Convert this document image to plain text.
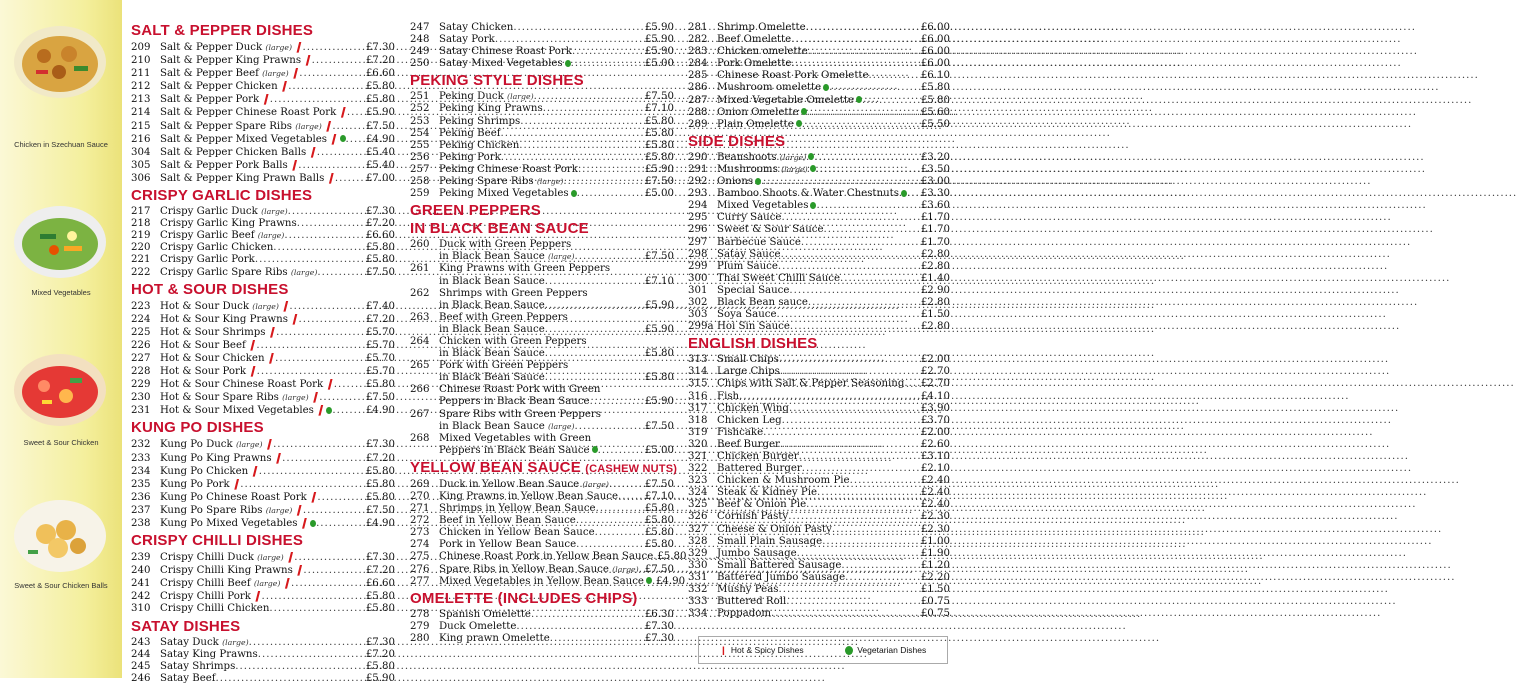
Chicken in Szechuan Sauce
Mixed Vegetables
Sweet & Sour Chicken
Sweet & Sour Chicken Balls
SALT & PEPPER DISHES
209 Salt & Pepper Duck (large) ❙ .....	£7.30
210 Salt & Pepper King Prawns ❙ .....	£7.20
211 Salt & Pepper Beef (large) ❙ .....	£6.60
212 Salt & Pepper Chicken ❙ .....	£5.80
213 Salt & Pepper Pork ❙ .....	£5.80
214 Salt & Pepper Chinese Roast Pork ❙ ..... £5.90
215 Salt & Pepper Spare Ribs (large) ❙ .....	£7.50
216 Salt & Pepper Mixed Vegetables ❙ .....	£4.90
304 Salt & Pepper Chicken Balls ❙ .....	£5.40
305 Salt & Pepper Pork Balls ❙ .....	£5.40
306 Salt & Pepper King Prawn Balls ❙ .....	£7.00
CRISPY GARLIC DISHES
217 Crispy Garlic Duck (large) .....	£7.30
218 Crispy Garlic King Prawns .....	£7.20
219 Crispy Garlic Beef (large) .....	£6.60
220 Crispy Garlic Chicken .....	£5.80
221 Crispy Garlic Pork .....	£5.80
222 Crispy Garlic Spare Ribs (large) .....	£7.50
HOT & SOUR DISHES
223 Hot & Sour Duck (large) ❙ .....	£7.40
224 Hot & Sour King Prawns ❙ .....	£7.20
225 Hot & Sour Shrimps ❙ .....	£5.70
226 Hot & Sour Beef ❙ .....	£5.70
227 Hot & Sour Chicken ❙ .....	£5.70
228 Hot & Sour Pork ❙ .....	£5.70
229 Hot & Sour Chinese Roast Pork ❙ .....	£5.80
230 Hot & Sour Spare Ribs (large) ❙ .....	£7.50
231 Hot & Sour Mixed Vegetables ❙ .....	£4.90
KUNG PO DISHES
232 Kung Po Duck (large) ❙ .....	£7.30
233 Kung Po King Prawns ❙ .....	£7.20
234 Kung Po Chicken ❙ .....	£5.80
235 Kung Po Pork ❙ .....	£5.80
236 Kung Po Chinese Roast Pork ❙ .....	£5.80
237 Kung Po Spare Ribs (large) ❙ .....	£7.50
238 Kung Po Mixed Vegetables ❙ .....	£4.90
CRISPY CHILLI DISHES
239 Crispy Chilli Duck (large) ❙ .....	£7.30
240 Crispy Chilli King Prawns ❙ .....	£7.20
241 Crispy Chilli Beef (large) ❙ .....	£6.60
242 Crispy Chilli Pork ❙ .....	£5.80
310 Crispy Chilli Chicken .....	£5.80
SATAY DISHES
243 Satay Duck (large) .....	£7.30
244 Satay King Prawns .....	£7.20
245 Satay Shrimps .....	£5.80
246 Satay Beef .....	£5.90
247 Satay Chicken .....	£5.90
248 Satay Pork .....	£5.90
249 Satay Chinese Roast Pork .....	£5.90
250 Satay Mixed Vegetables .....	£5.00
PEKING STYLE DISHES
251 Peking Duck (large) .....	£7.50
252 Peking King Prawns .....	£7.10
253 Peking Shrimps .....	£5.80
254 Peking Beef .....	£5.80
255 Peking Chicken .....	£5.80
256 Peking Pork .....	£5.80
257 Peking Chinese Roast Pork .....	£5.90
258 Peking Spare Ribs (large) .....	£7.50
259 Peking Mixed Vegetables .....	£5.00
GREEN PEPPERS
IN BLACK BEAN SAUCE
260 Duck with Green Peppers
in Black Bean Sauce (large) .....	£7.50
261 King Prawns with Green Peppers
in Black Bean Sauce .....	£7.10
262 Shrimps with Green Peppers
in Black Bean Sauce .....	£5.90
263 Beef with Green Peppers
in Black Bean Sauce .....	£5.90
264 Chicken with Green Peppers
in Black Bean Sauce .....	£5.80
265 Pork with Green Peppers
in Black Bean Sauce .....	£5.80
266 Chinese Roast Pork with Green
Peppers in Black Bean Sauce .....	£5.90
267 Spare Ribs with Green Peppers
in Black Bean Sauce (large) .....	£7.50
268 Mixed Vegetables with Green
Peppers in Black Bean Sauce .....	£5.00
YELLOW BEAN SAUCE (CASHEW NUTS)
269 Duck in Yellow Bean Sauce (large) .....	£7.50
270 King Prawns in Yellow Bean Sauce .....	£7.10
271 Shrimps in Yellow Bean Sauce .....	£5.80
272 Beef in Yellow Bean Sauce .....	£5.80
273 Chicken in Yellow Bean Sauce .....	£5.80
274 Pork in Yellow Bean Sauce .....	£5.80
275 Chinese Roast Pork in Yellow Bean Sauce ..... £5.80
276 Spare Ribs in Yellow Bean Sauce (large) ..... £7.50
277 Mixed Vegetables in Yellow Bean Sauce .....	£4.90
OMELETTE (INCLUDES CHIPS)
278 Spanish Omelette .....	£6.30
279 Duck Omelette .....	£7.30
280 King prawn Omelette .....	£7.30
281 Shrimp Omelette .....	£6.00
282 Beef Omelette .....	£6.00
283 Chicken omelette .....	£6.00
284 Pork Omelette .....	£6.00
285 Chinese Roast Pork Omelette .....	£6.10
286 Mushroom omelette .....	£5.80
287 Mixed Vegetable Omelette .....	£5.80
288 Onion Omelette .....	£5.60
289 Plain Omelette .....	£5.50
SIDE DISHES
290 Beanshoots (large) .....	£3.20
291 Mushrooms (large) .....	£3.50
292 Onions .....	£3.00
293 Bamboo Shoots & Water Chestnuts .....	£3.30
294 Mixed Vegetables .....	£3.60
295 Curry Sauce .....	£1.70
296 Sweet & Sour Sauce .....	£1.70
297 Barbecue Sauce .....	£1.70
298 Satay Sauce .....	£2.80
299 Plum Sauce .....	£2.80
300 Thai Sweet Chilli Sauce .....	£1.40
301 Special Sauce .....	£2.90
302 Black Bean sauce .....	£2.80
303 Soya Sauce .....	£1.50
299a Hoi Sin Sauce .....	£2.80
ENGLISH DISHES
313 Small Chips .....	£2.00
314 Large Chips .....	£2.70
315 Chips with Salt & Pepper Seasoning ..... £2.70
316 Fish .....	£4.10
317 Chicken Wing .....	£3.90
318 Chicken Leg .....	£3.70
319 Fishcake .....	£2.00
320 Beef Burger .....	£2.60
321 Chicken Burger .....	£3.10
322 Battered Burger .....	£2.10
323 Chicken & Mushroom Pie .....	£2.40
324 Steak & Kidney Pie .....	£2.40
325 Beef & Onion Pie .....	£2.40
326 Cornish Pasty .....	£2.30
327 Cheese & Onion Pasty .....	£2.30
328 Small Plain Sausage .....	£1.00
329 Jumbo Sausage .....	£1.90
330 Small Battered Sausage .....	£1.20
331 Battered Jumbo Sausage .....	£2.20
332 Mushy Peas .....	£1.50
333 Buttered Roll .....	£0.75
334 Poppadom .....	£0.75
❙ Hot & Spicy Dishes	Vegetarian Dishes
